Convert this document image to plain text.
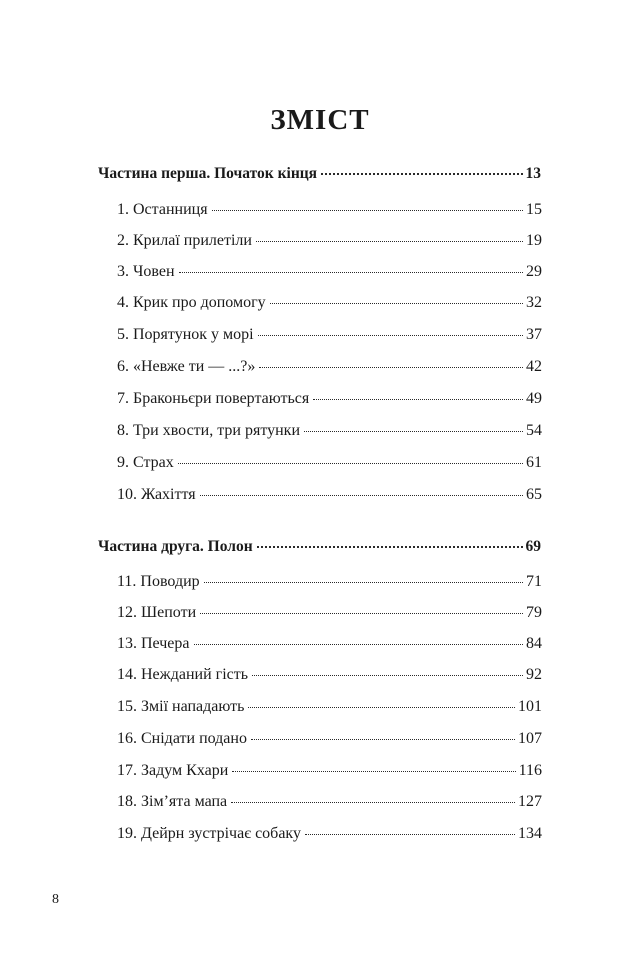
ЗМІСТ
Частина перша. Початок кінця	13
1. Останниця	15
2. Крилаї прилетіли	19
3. Човен	29
4. Крик про допомогу	32
5. Порятунок у морі	37
6. «Невже ти — ...?»	42
7. Браконьєри повертаються	49
8. Три хвости, три рятунки	54
9. Страх	61
10. Жахіття	65
Частина друга. Полон	69
11. Поводир	71
12. Шепоти	79
13. Печера	84
14. Нежданий гість	92
15. Змії нападають	101
16. Снідати подано	107
17. Задум Кхари	116
18. Зім’ята мапа	127
19. Дейрн зустрічає собаку	134

8
